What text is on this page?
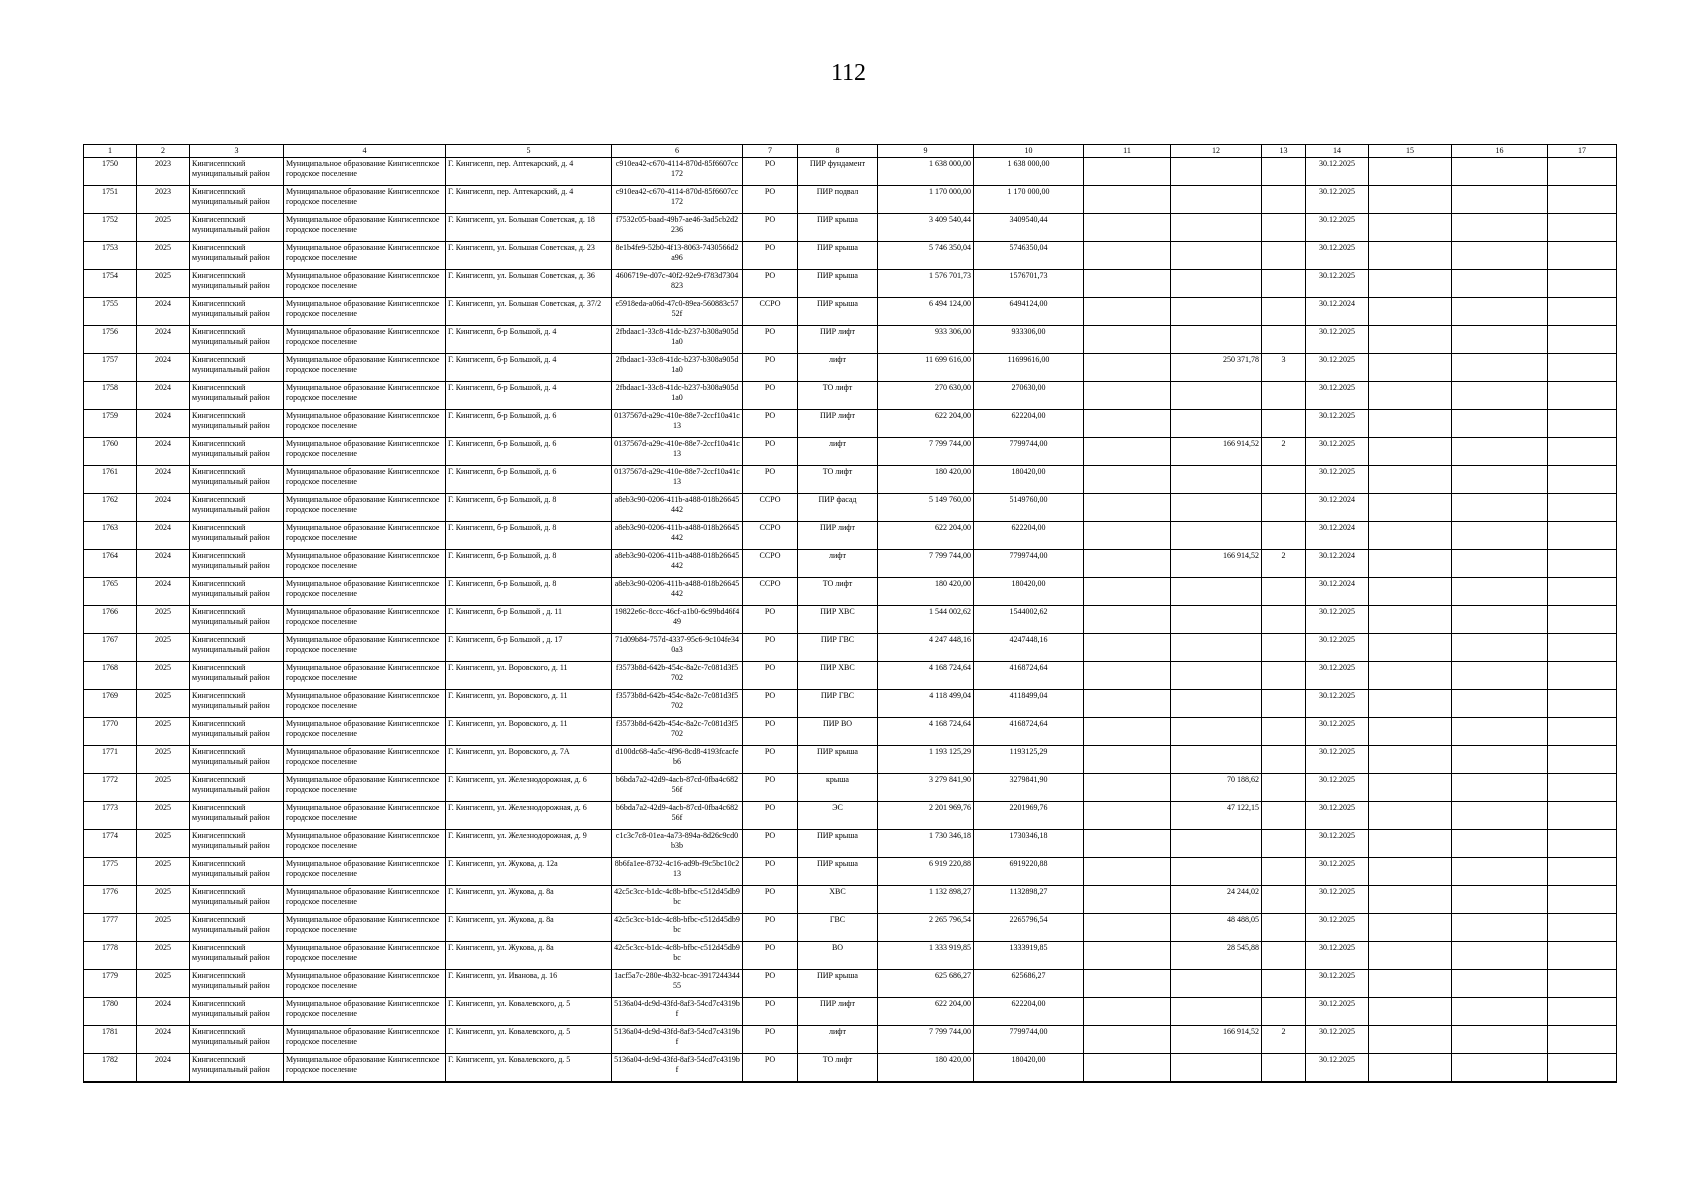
112
1	2	3	4	5	6	7	8	9	10	11	12	13	14	15	16	17
1750	2023	Кингисеппский муниципальный район	Муниципальное образование Кингисеппское городское поселение	Г. Кингисепп, пер. Аптекарский, д. 4	c910ea42-c670-4114-870d-85f6607cc172	РО	ПИР фундамент	1 638 000,00	1 638 000,00				30.12.2025			
1751	2023	Кингисеппский муниципальный район	Муниципальное образование Кингисеппское городское поселение	Г. Кингисепп, пер. Аптекарский, д. 4	c910ea42-c670-4114-870d-85f6607cc172	РО	ПИР подвал	1 170 000,00	1 170 000,00				30.12.2025			
1752	2025	Кингисеппский муниципальный район	Муниципальное образование Кингисеппское городское поселение	Г. Кингисепп, ул. Большая Советская, д. 18	f7532c05-baad-49b7-ae46-3ad5cb2d2236	РО	ПИР крыша	3 409 540,44	3409540,44				30.12.2025			
1753	2025	Кингисеппский муниципальный район	Муниципальное образование Кингисеппское городское поселение	Г. Кингисепп, ул. Большая Советская, д. 23	8e1b4fe9-52b0-4f13-8063-7430566d2a96	РО	ПИР крыша	5 746 350,04	5746350,04				30.12.2025			
1754	2025	Кингисеппский муниципальный район	Муниципальное образование Кингисеппское городское поселение	Г. Кингисепп, ул. Большая Советская, д. 36	4606719e-d07c-40f2-92e9-f783d7304823	РО	ПИР крыша	1 576 701,73	1576701,73				30.12.2025			
1755	2024	Кингисеппский муниципальный район	Муниципальное образование Кингисеппское городское поселение	Г. Кингисепп, ул. Большая Советская, д. 37/2	e5918eda-a06d-47c0-89ea-560883c5752f	ССРО	ПИР крыша	6 494 124,00	6494124,00				30.12.2024			
1756	2024	Кингисеппский муниципальный район	Муниципальное образование Кингисеппское городское поселение	Г. Кингисепп, б-р Большой, д. 4	2fbdaac1-33c8-41dc-b237-b308a905d1a0	РО	ПИР лифт	933 306,00	933306,00				30.12.2025			
1757	2024	Кингисеппский муниципальный район	Муниципальное образование Кингисеппское городское поселение	Г. Кингисепп, б-р Большой, д. 4	2fbdaac1-33c8-41dc-b237-b308a905d1a0	РО	лифт	11 699 616,00	11699616,00		250 371,78	3	30.12.2025			
1758	2024	Кингисеппский муниципальный район	Муниципальное образование Кингисеппское городское поселение	Г. Кингисепп, б-р Большой, д. 4	2fbdaac1-33c8-41dc-b237-b308a905d1a0	РО	ТО лифт	270 630,00	270630,00				30.12.2025			
1759	2024	Кингисеппский муниципальный район	Муниципальное образование Кингисеппское городское поселение	Г. Кингисепп, б-р Большой, д. 6	0137567d-a29c-410e-88e7-2ccf10a41c13	РО	ПИР лифт	622 204,00	622204,00				30.12.2025			
1760	2024	Кингисеппский муниципальный район	Муниципальное образование Кингисеппское городское поселение	Г. Кингисепп, б-р Большой, д. 6	0137567d-a29c-410e-88e7-2ccf10a41c13	РО	лифт	7 799 744,00	7799744,00		166 914,52	2	30.12.2025			
1761	2024	Кингисеппский муниципальный район	Муниципальное образование Кингисеппское городское поселение	Г. Кингисепп, б-р Большой, д. 6	0137567d-a29c-410e-88e7-2ccf10a41c13	РО	ТО лифт	180 420,00	180420,00				30.12.2025			
1762	2024	Кингисеппский муниципальный район	Муниципальное образование Кингисеппское городское поселение	Г. Кингисепп, б-р Большой, д. 8	a8eb3c90-0206-411b-a488-018b26645442	ССРО	ПИР фасад	5 149 760,00	5149760,00				30.12.2024			
1763	2024	Кингисеппский муниципальный район	Муниципальное образование Кингисеппское городское поселение	Г. Кингисепп, б-р Большой, д. 8	a8eb3c90-0206-411b-a488-018b26645442	ССРО	ПИР лифт	622 204,00	622204,00				30.12.2024			
1764	2024	Кингисеппский муниципальный район	Муниципальное образование Кингисеппское городское поселение	Г. Кингисепп, б-р Большой, д. 8	a8eb3c90-0206-411b-a488-018b26645442	ССРО	лифт	7 799 744,00	7799744,00		166 914,52	2	30.12.2024			
1765	2024	Кингисеппский муниципальный район	Муниципальное образование Кингисеппское городское поселение	Г. Кингисепп, б-р Большой, д. 8	a8eb3c90-0206-411b-a488-018b26645442	ССРО	ТО лифт	180 420,00	180420,00				30.12.2024			
1766	2025	Кингисеппский муниципальный район	Муниципальное образование Кингисеппское городское поселение	Г. Кингисепп, б-р Большой , д. 11	19822e6c-8ccc-46cf-a1b0-6c99bd46f449	РО	ПИР ХВС	1 544 002,62	1544002,62				30.12.2025			
1767	2025	Кингисеппский муниципальный район	Муниципальное образование Кингисеппское городское поселение	Г. Кингисепп, б-р Большой , д. 17	71d09b84-757d-4337-95c6-9c104fe340a3	РО	ПИР ГВС	4 247 448,16	4247448,16				30.12.2025			
1768	2025	Кингисеппский муниципальный район	Муниципальное образование Кингисеппское городское поселение	Г. Кингисепп, ул. Воровского, д. 11	f3573b8d-642b-454c-8a2c-7c081d3f5702	РО	ПИР ХВС	4 168 724,64	4168724,64				30.12.2025			
1769	2025	Кингисеппский муниципальный район	Муниципальное образование Кингисеппское городское поселение	Г. Кингисепп, ул. Воровского, д. 11	f3573b8d-642b-454c-8a2c-7c081d3f5702	РО	ПИР ГВС	4 118 499,04	4118499,04				30.12.2025			
1770	2025	Кингисеппский муниципальный район	Муниципальное образование Кингисеппское городское поселение	Г. Кингисепп, ул. Воровского, д. 11	f3573b8d-642b-454c-8a2c-7c081d3f5702	РО	ПИР ВО	4 168 724,64	4168724,64				30.12.2025			
1771	2025	Кингисеппский муниципальный район	Муниципальное образование Кингисеппское городское поселение	Г. Кингисепп, ул. Воровского, д. 7А	d100dc68-4a5c-4f96-8cd8-4193fcacfeb6	РО	ПИР крыша	1 193 125,29	1193125,29				30.12.2025			
1772	2025	Кингисеппский муниципальный район	Муниципальное образование Кингисеппское городское поселение	Г. Кингисепп, ул. Железнодорожная, д. 6	b6bda7a2-42d9-4acb-87cd-0fba4c68256f	РО	крыша	3 279 841,90	3279841,90		70 188,62		30.12.2025			
1773	2025	Кингисеппский муниципальный район	Муниципальное образование Кингисеппское городское поселение	Г. Кингисепп, ул. Железнодорожная, д. 6	b6bda7a2-42d9-4acb-87cd-0fba4c68256f	РО	ЭС	2 201 969,76	2201969,76		47 122,15		30.12.2025			
1774	2025	Кингисеппский муниципальный район	Муниципальное образование Кингисеппское городское поселение	Г. Кингисепп, ул. Железнодорожная, д. 9	c1c3c7c8-01ea-4a73-894a-8d26c9cd0b3b	РО	ПИР крыша	1 730 346,18	1730346,18				30.12.2025			
1775	2025	Кингисеппский муниципальный район	Муниципальное образование Кингисеппское городское поселение	Г. Кингисепп, ул. Жукова, д. 12а	8b6fa1ee-8732-4c16-ad9b-f9c5bc10c213	РО	ПИР крыша	6 919 220,88	6919220,88				30.12.2025			
1776	2025	Кингисеппский муниципальный район	Муниципальное образование Кингисеппское городское поселение	Г. Кингисепп, ул. Жукова, д. 8а	42c5c3cc-b1dc-4c8b-bfbc-c512d45db9bc	РО	ХВС	1 132 898,27	1132898,27		24 244,02		30.12.2025			
1777	2025	Кингисеппский муниципальный район	Муниципальное образование Кингисеппское городское поселение	Г. Кингисепп, ул. Жукова, д. 8а	42c5c3cc-b1dc-4c8b-bfbc-c512d45db9bc	РО	ГВС	2 265 796,54	2265796,54		48 488,05		30.12.2025			
1778	2025	Кингисеппский муниципальный район	Муниципальное образование Кингисеппское городское поселение	Г. Кингисепп, ул. Жукова, д. 8а	42c5c3cc-b1dc-4c8b-bfbc-c512d45db9bc	РО	ВО	1 333 919,85	1333919,85		28 545,88		30.12.2025			
1779	2025	Кингисеппский муниципальный район	Муниципальное образование Кингисеппское городское поселение	Г. Кингисепп, ул. Иванова, д. 16	1acf5a7c-280e-4b32-bcac-391724434455	РО	ПИР крыша	625 686,27	625686,27				30.12.2025			
1780	2024	Кингисеппский муниципальный район	Муниципальное образование Кингисеппское городское поселение	Г. Кингисепп, ул. Ковалевского, д. 5	5136a04-dc9d-43fd-8af3-54cd7c4319bf	РО	ПИР лифт	622 204,00	622204,00				30.12.2025			
1781	2024	Кингисеппский муниципальный район	Муниципальное образование Кингисеппское городское поселение	Г. Кингисепп, ул. Ковалевского, д. 5	5136a04-dc9d-43fd-8af3-54cd7c4319bf	РО	лифт	7 799 744,00	7799744,00		166 914,52	2	30.12.2025			
1782	2024	Кингисеппский муниципальный район	Муниципальное образование Кингисеппское городское поселение	Г. Кингисепп, ул. Ковалевского, д. 5	5136a04-dc9d-43fd-8af3-54cd7c4319bf	РО	ТО лифт	180 420,00	180420,00				30.12.2025			
